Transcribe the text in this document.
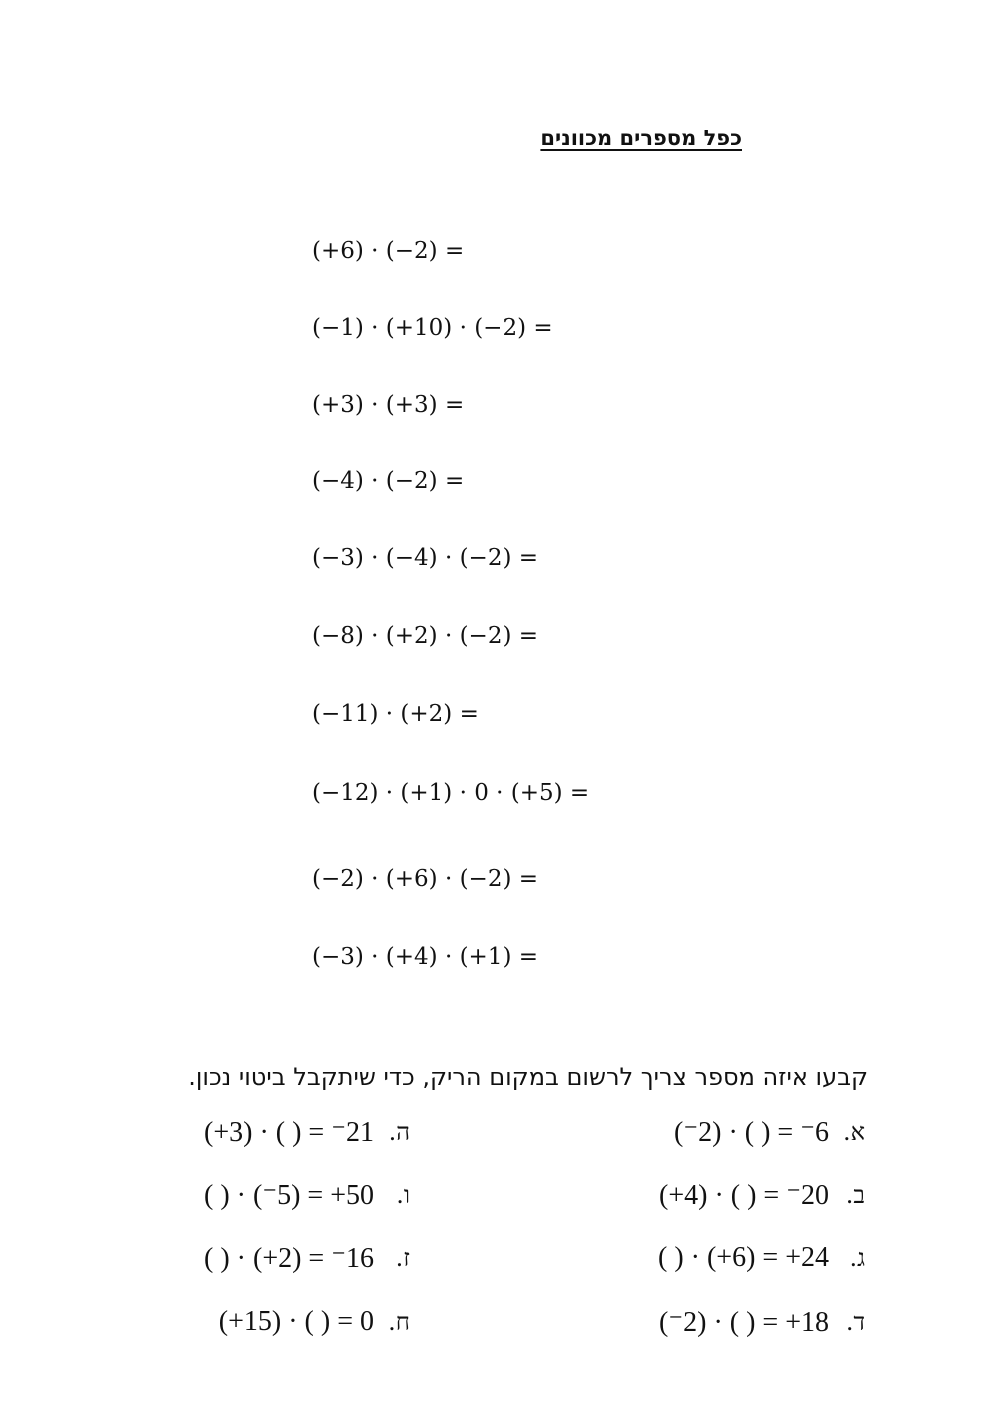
כפל מספרים מכוונים
(+6) · (−2) =
(−1) · (+10) · (−2) =
(+3) · (+3) =
(−4) · (−2) =
(−3) · (−4) · (−2) =
(−8) · (+2) · (−2) =
(−11) · (+2) =
(−12) · (+1) · 0 · (+5) =
(−2) · (+6) · (−2) =
(−3) · (+4) · (+1) =
קבעו איזה מספר צריך לרשום במקום הריק, כדי שיתקבל ביטוי נכון.
(⁻2) · ( ) = ⁻6 א.
(+4) · ( ) = ⁻20 ב.
( ) · (+6) = +24 ג.
(⁻2) · ( ) = +18 ד.
(+3) · ( ) = ⁻21 ה.
( ) · (⁻5) = +50 ו.
( ) · (+2) = ⁻16 ז.
(+15) · ( ) = 0 ח.
